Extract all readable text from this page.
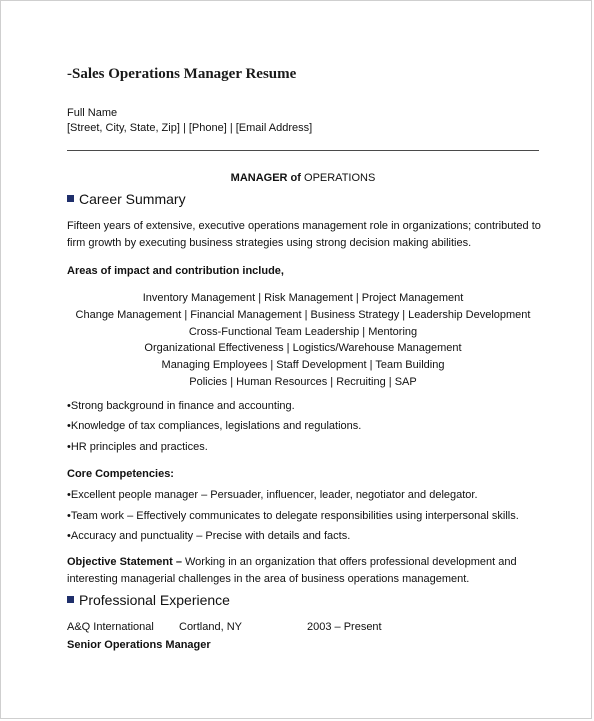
-Sales Operations Manager Resume
Full Name
[Street, City, State, Zip] | [Phone] | [Email Address]
MANAGER of OPERATIONS
Career Summary
Fifteen years of extensive, executive operations management role in organizations; contributed to firm growth by executing business strategies using strong decision making abilities.
Areas of impact and contribution include,
Inventory Management | Risk Management | Project Management
Change Management | Financial Management | Business Strategy | Leadership Development
Cross-Functional Team Leadership | Mentoring
Organizational Effectiveness | Logistics/Warehouse Management
Managing Employees | Staff Development | Team Building
Policies | Human Resources | Recruiting | SAP
•Strong background in finance and accounting.
•Knowledge of tax compliances, legislations and regulations.
•HR principles and practices.
Core Competencies:
•Excellent people manager – Persuader, influencer, leader, negotiator and delegator.
•Team work – Effectively communicates to delegate responsibilities using interpersonal skills.
•Accuracy and punctuality – Precise with details and facts.
Objective Statement – Working in an organization that offers professional development and interesting managerial challenges in the area of business operations management.
Professional Experience
A&Q International Cortland, NY	2003 – Present
Senior Operations Manager
